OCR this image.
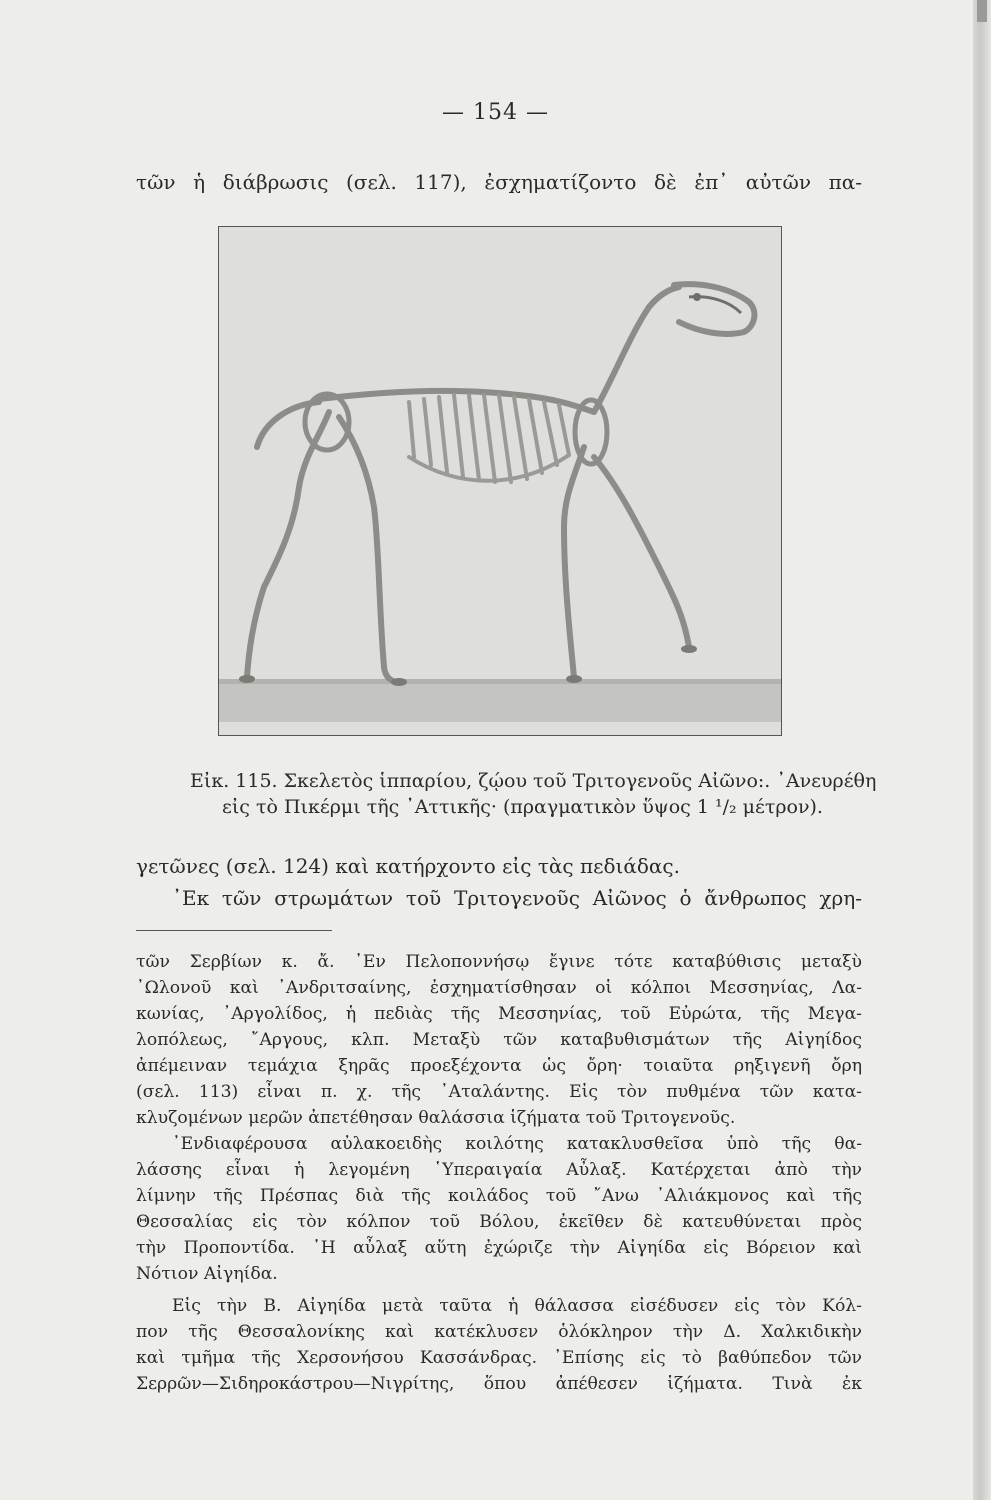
— 154 —
τῶν ἡ διάβρωσις (σελ. 117), ἐσχηματίζοντο δὲ ἐπ᾽ αὐτῶν πα-
Εἰκ. 115. Σκελετὸς ἱππαρίου, ζῴου τοῦ Τριτογενοῦς Αἰῶνο:. ᾿Ανευρέθη
εἰς τὸ Πικέρμι τῆς ᾿Αττικῆς· (πραγματικὸν ὕψος 1 ¹/₂ μέτρον).
γετῶνες (σελ. 124) καὶ κατήρχοντο εἰς τὰς πεδιάδας.
᾿Εκ τῶν στρωμάτων τοῦ Τριτογενοῦς Αἰῶνος ὁ ἄνθρωπος χρη-
τῶν Σερβίων κ. ἄ. ᾿Εν Πελοποννήσῳ ἔγινε τότε καταβύθισις μεταξὺ
᾿Ωλονοῦ καὶ ᾿Ανδριτσαίνης, ἐσχηματίσθησαν οἱ κόλποι Μεσσηνίας, Λα-
κωνίας, ᾿Αργολίδος, ἡ πεδιὰς τῆς Μεσσηνίας, τοῦ Εὐρώτα, τῆς Μεγα-
λοπόλεως, ῎Αργους, κλπ. Μεταξὺ τῶν καταβυθισμάτων τῆς Αἰγηίδος
ἀπέμειναν τεμάχια ξηρᾶς προεξέχοντα ὡς ὄρη· τοιαῦτα ρηξιγενῆ ὄρη
(σελ. 113) εἶναι π. χ. τῆς ᾿Αταλάντης. Εἰς τὸν πυθμένα τῶν κατα-
κλυζομένων μερῶν ἀπετέθησαν θαλάσσια ἱζήματα τοῦ Τριτογενοῦς.
᾿Ενδιαφέρουσα αὐλακοειδὴς κοιλότης κατακλυσθεῖσα ὑπὸ τῆς θα-
λάσσης εἶναι ἡ λεγομένη ῾Υπεραιγαία Αὖλαξ. Κατέρχεται ἀπὸ τὴν
λίμνην τῆς Πρέσπας διὰ τῆς κοιλάδος τοῦ ῎Ανω ᾿Αλιάκμονος καὶ τῆς
Θεσσαλίας εἰς τὸν κόλπον τοῦ Βόλου, ἐκεῖθεν δὲ κατευθύνεται πρὸς
τὴν Προποντίδα. ῾Η αὖλαξ αὕτη ἐχώριζε τὴν Αἰγηίδα εἰς Βόρειον καὶ
Νότιον Αἰγηίδα.
Εἰς τὴν Β. Αἰγηίδα μετὰ ταῦτα ἡ θάλασσα εἰσέδυσεν εἰς τὸν Κόλ-
πον τῆς Θεσσαλονίκης καὶ κατέκλυσεν ὁλόκληρον τὴν Δ. Χαλκιδικὴν
καὶ τμῆμα τῆς Χερσονήσου Κασσάνδρας. ᾿Επίσης εἰς τὸ βαθύπεδον τῶν
Σερρῶν—Σιδηροκάστρου—Νιγρίτης, ὅπου ἀπέθεσεν ἱζήματα. Τινὰ ἐκ
